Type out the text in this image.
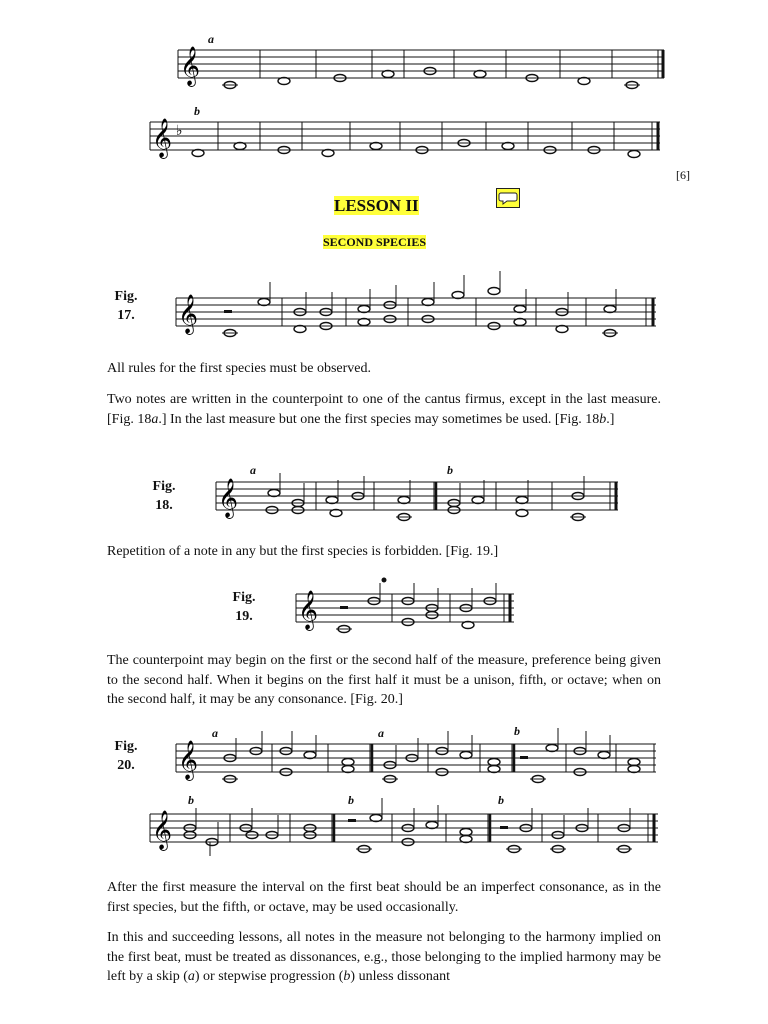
𝄞
a
𝄞 ♭
b
[6]
LESSON II
SECOND SPECIES
Fig.
17. 𝄞
All rules for the first species must be observed.
Two notes are written in the counterpoint to one of the cantus firmus, except in the last measure. [Fig. 18a.] In the last measure but one the first species may sometimes be used. [Fig. 18b.]
Fig.
18.
a	b
𝄞
Repetition of a note in any but the first species is forbidden. [Fig. 19.]
Fig.
19. 𝄞
The counterpoint may begin on the first or the second half of the measure, preference being given to the second half. When it begins on the first half it must be a unison, fifth, or octave; when on the second half, it may be any consonance. [Fig. 20.]
Fig.
20.
a	a	b
𝄞
b	b	b
𝄞
After the first measure the interval on the first beat should be an imperfect consonance, as in the first species, but the fifth, or octave, may be used occasionally.
In this and succeeding lessons, all notes in the measure not belonging to the harmony implied on the first beat, must be treated as dissonances, e.g., those belonging to the implied harmony may be left by a skip (a) or stepwise progression (b) unless dissonant
